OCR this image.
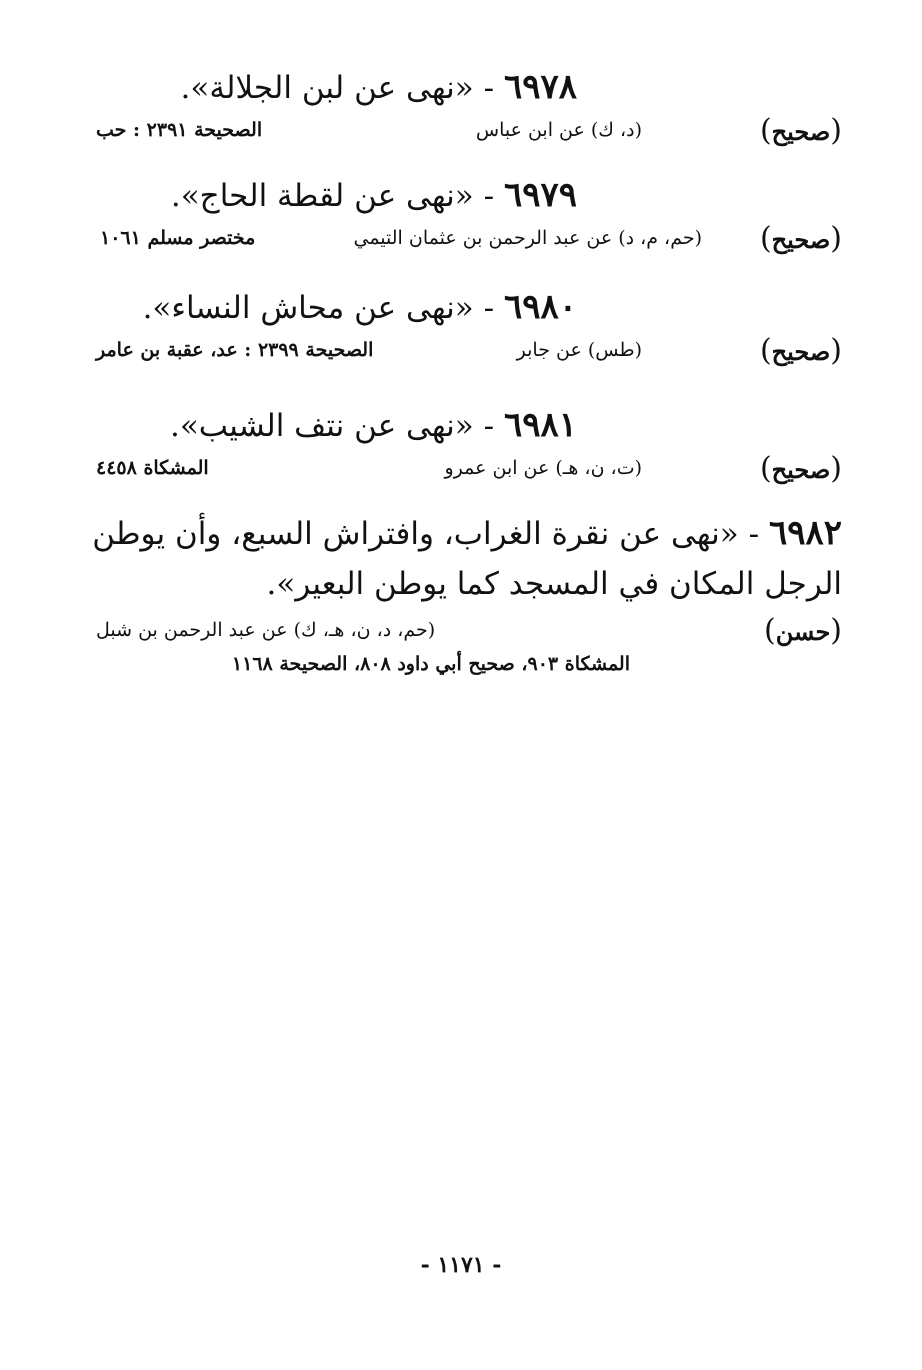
٦٩٧٨ - «نهى عن لبن الجلالة».
(صحيح)
(د، ك) عن ابن عباس
الصحيحة ٢٣٩١ : حب
٦٩٧٩ - «نهى عن لقطة الحاج».
(صحيح)
(حم، م، د) عن عبد الرحمن بن عثمان التيمي
مختصر مسلم ١٠٦١
٦٩٨٠ - «نهى عن محاش النساء».
(صحيح)
(طس) عن جابر
الصحيحة ٢٣٩٩ : عد، عقبة بن عامر
٦٩٨١ - «نهى عن نتف الشيب».
(صحيح)
(ت، ن، هـ) عن ابن عمرو
المشكاة ٤٤٥٨
٦٩٨٢ - «نهى عن نقرة الغراب، وافتراش السبع، وأن يوطن
الرجل المكان في المسجد كما يوطن البعير».
(حسن)
(حم، د، ن، هـ، ك) عن عبد الرحمن بن شبل
المشكاة ٩٠٣، صحيح أبي داود ٨٠٨، الصحيحة ١١٦٨
- ١١٧١ -
